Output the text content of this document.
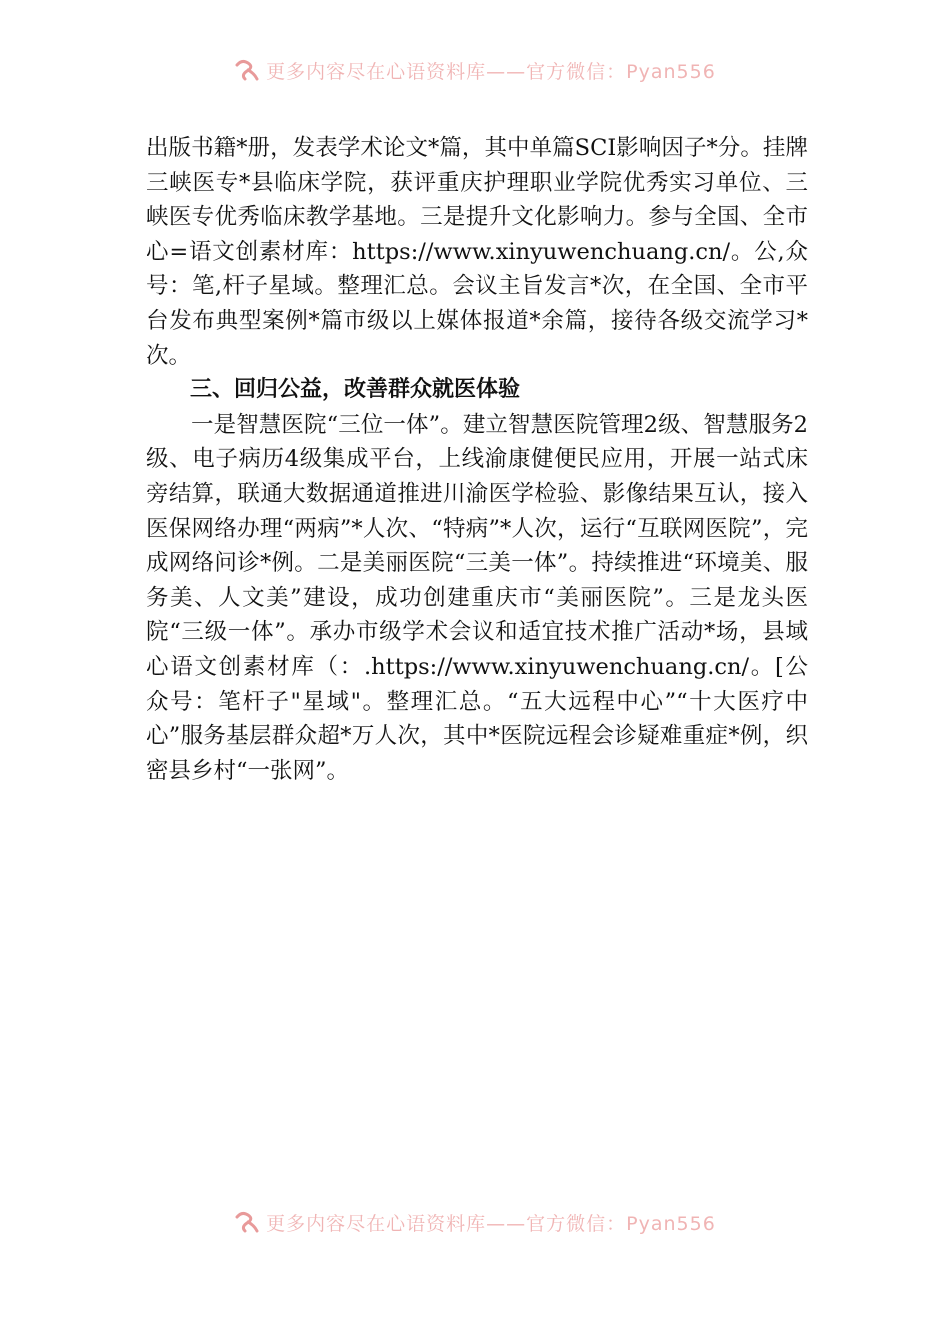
更多内容尽在心语资料库——官方微信：Pyan556

出版书籍*册，发表学术论文*篇，其中单篇SCI影响因子*分。挂牌三峡医专*县临床学院，获评重庆护理职业学院优秀实习单位、三峡医专优秀临床教学基地。三是提升文化影响力。参与全国、全市心=语文创素材库：https://www.xinyuwenchuang.cn/。公,众号：笔,杆子星域。整理汇总。会议主旨发言*次，在全国、全市平台发布典型案例*篇市级以上媒体报道*余篇，接待各级交流学习*次。

三、回归公益，改善群众就医体验

一是智慧医院“三位一体”。建立智慧医院管理2级、智慧服务2级、电子病历4级集成平台，上线渝康健便民应用，开展一站式床旁结算，联通大数据通道推进川渝医学检验、影像结果互认，接入医保网络办理“两病”*人次、“特病”*人次，运行“互联网医院”，完成网络问诊*例。二是美丽医院“三美一体”。持续推进“环境美、服务美、人文美”建设，成功创建重庆市“美丽医院”。三是龙头医院“三级一体”。承办市级学术会议和适宜技术推广活动*场，县域心语文创素材库（：.https://www.xinyuwenchuang.cn/。[公众号：笔杆子"星域"。整理汇总。“五大远程中心”“十大医疗中心”服务基层群众超*万人次，其中*医院远程会诊疑难重症*例，织密县乡村“一张网”。

更多内容尽在心语资料库——官方微信：Pyan556
